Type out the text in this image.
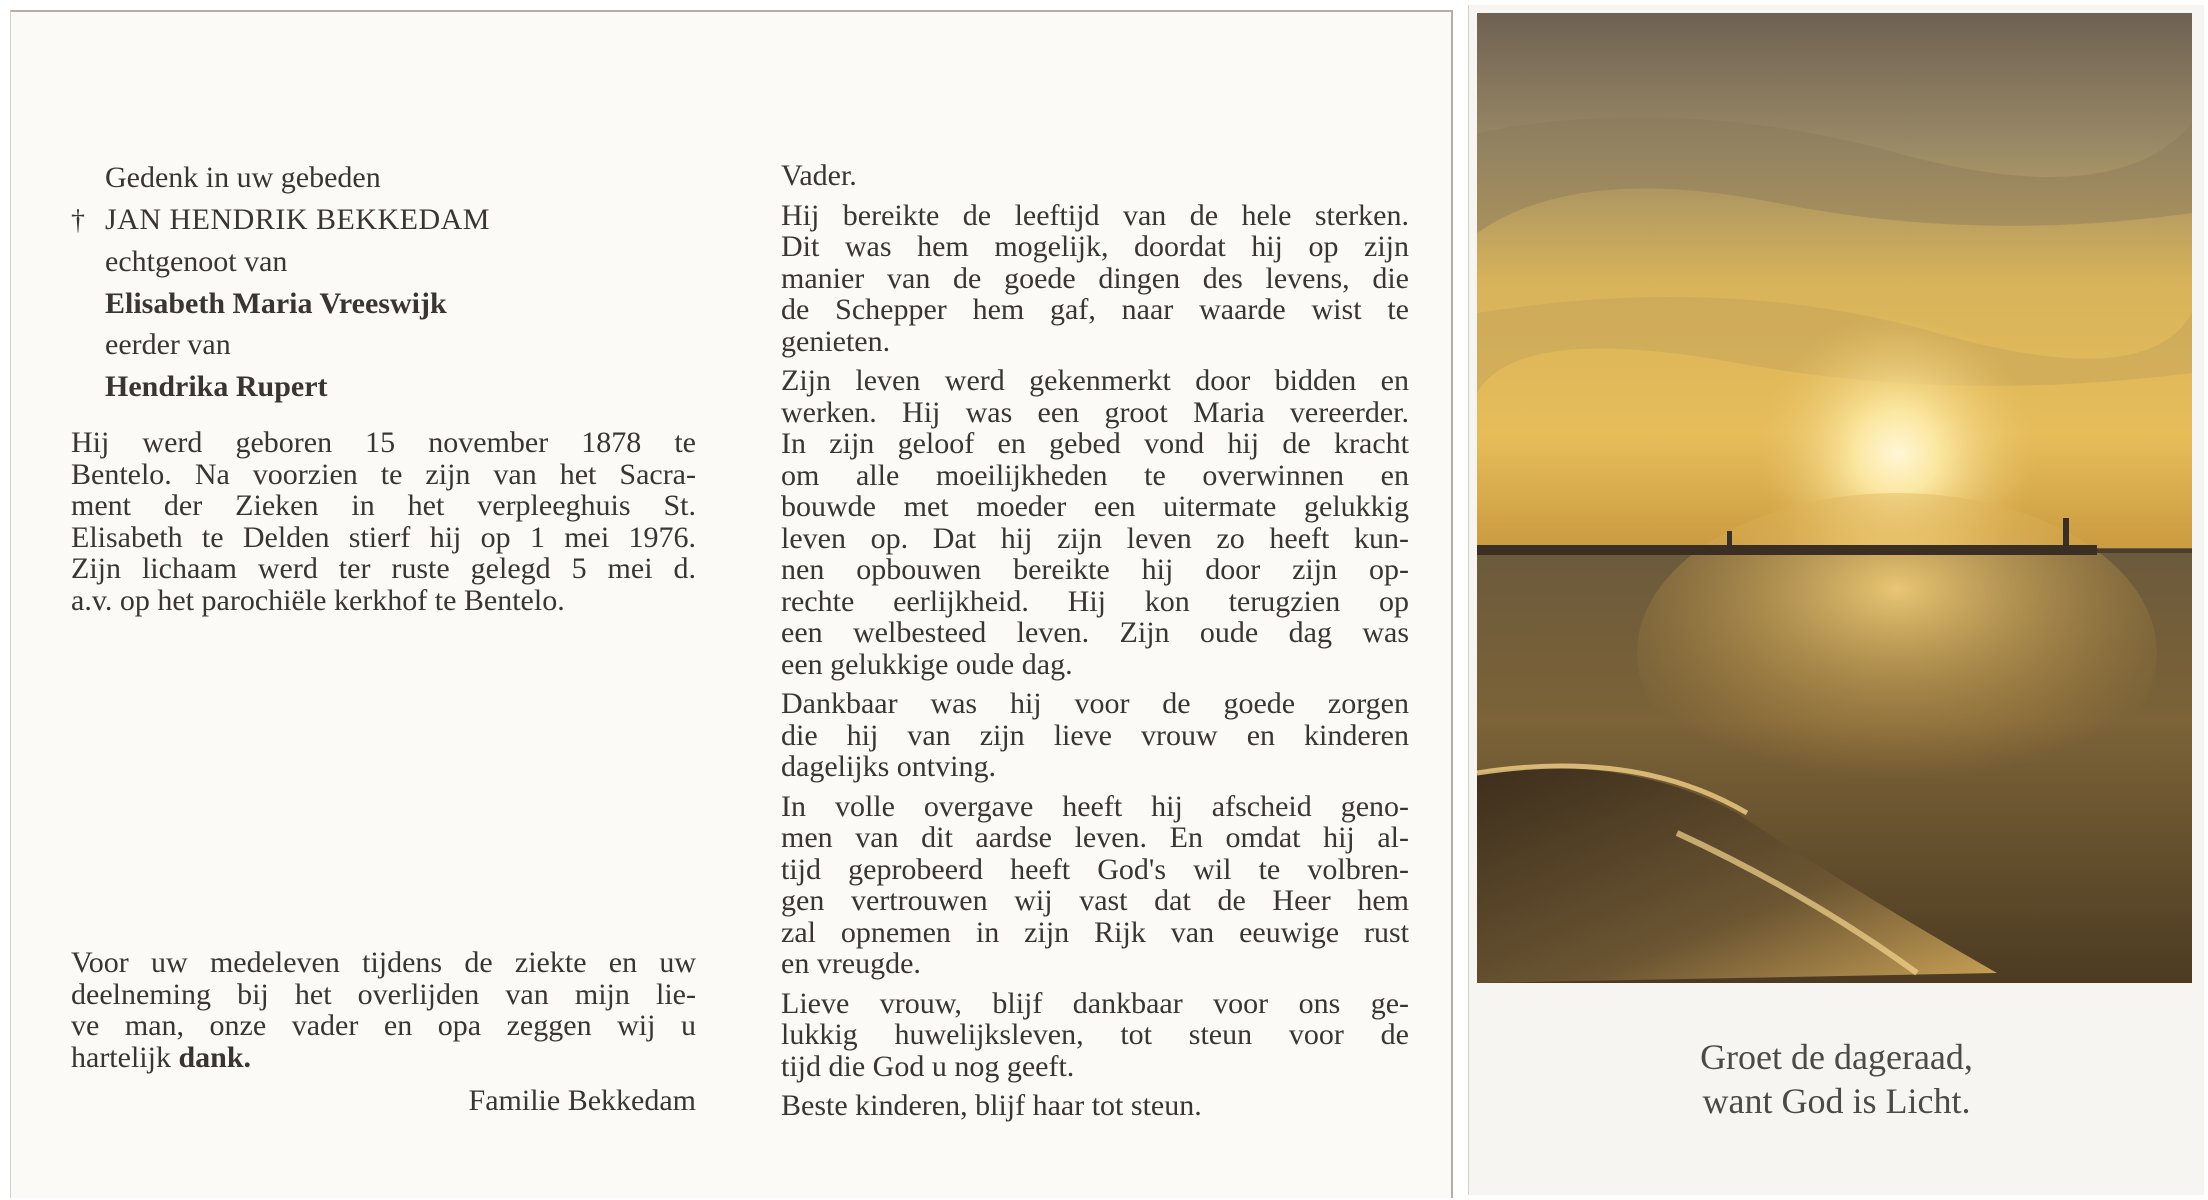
Gedenk in uw gebeden
† JAN HENDRIK BEKKEDAM
echtgenoot van
Elisabeth Maria Vreeswijk
eerder van
Hendrika Rupert
Hij werd geboren 15 november 1878 te
Bentelo. Na voorzien te zijn van het Sacra-
ment der Zieken in het verpleeghuis St.
Elisabeth te Delden stierf hij op 1 mei 1976.
Zijn lichaam werd ter ruste gelegd 5 mei d.
a.v. op het parochiële kerkhof te Bentelo.
Voor uw medeleven tijdens de ziekte en uw
deelneming bij het overlijden van mijn lie-
ve man, onze vader en opa zeggen wij u
hartelijk dank.
Familie Bekkedam
Vader.
Hij bereikte de leeftijd van de hele sterken.
Dit was hem mogelijk, doordat hij op zijn
manier van de goede dingen des levens, die
de Schepper hem gaf, naar waarde wist te
genieten.
Zijn leven werd gekenmerkt door bidden en
werken. Hij was een groot Maria vereerder.
In zijn geloof en gebed vond hij de kracht
om alle moeilijkheden te overwinnen en
bouwde met moeder een uitermate gelukkig
leven op. Dat hij zijn leven zo heeft kun-
nen opbouwen bereikte hij door zijn op-
rechte eerlijkheid. Hij kon terugzien op
een welbesteed leven. Zijn oude dag was
een gelukkige oude dag.
Dankbaar was hij voor de goede zorgen
die hij van zijn lieve vrouw en kinderen
dagelijks ontving.
In volle overgave heeft hij afscheid geno-
men van dit aardse leven. En omdat hij al-
tijd geprobeerd heeft God's wil te volbren-
gen vertrouwen wij vast dat de Heer hem
zal opnemen in zijn Rijk van eeuwige rust
en vreugde.
Lieve vrouw, blijf dankbaar voor ons ge-
lukkig huwelijksleven, tot steun voor de
tijd die God u nog geeft.
Beste kinderen, blijf haar tot steun.
Groet de dageraad,
want God is Licht.
